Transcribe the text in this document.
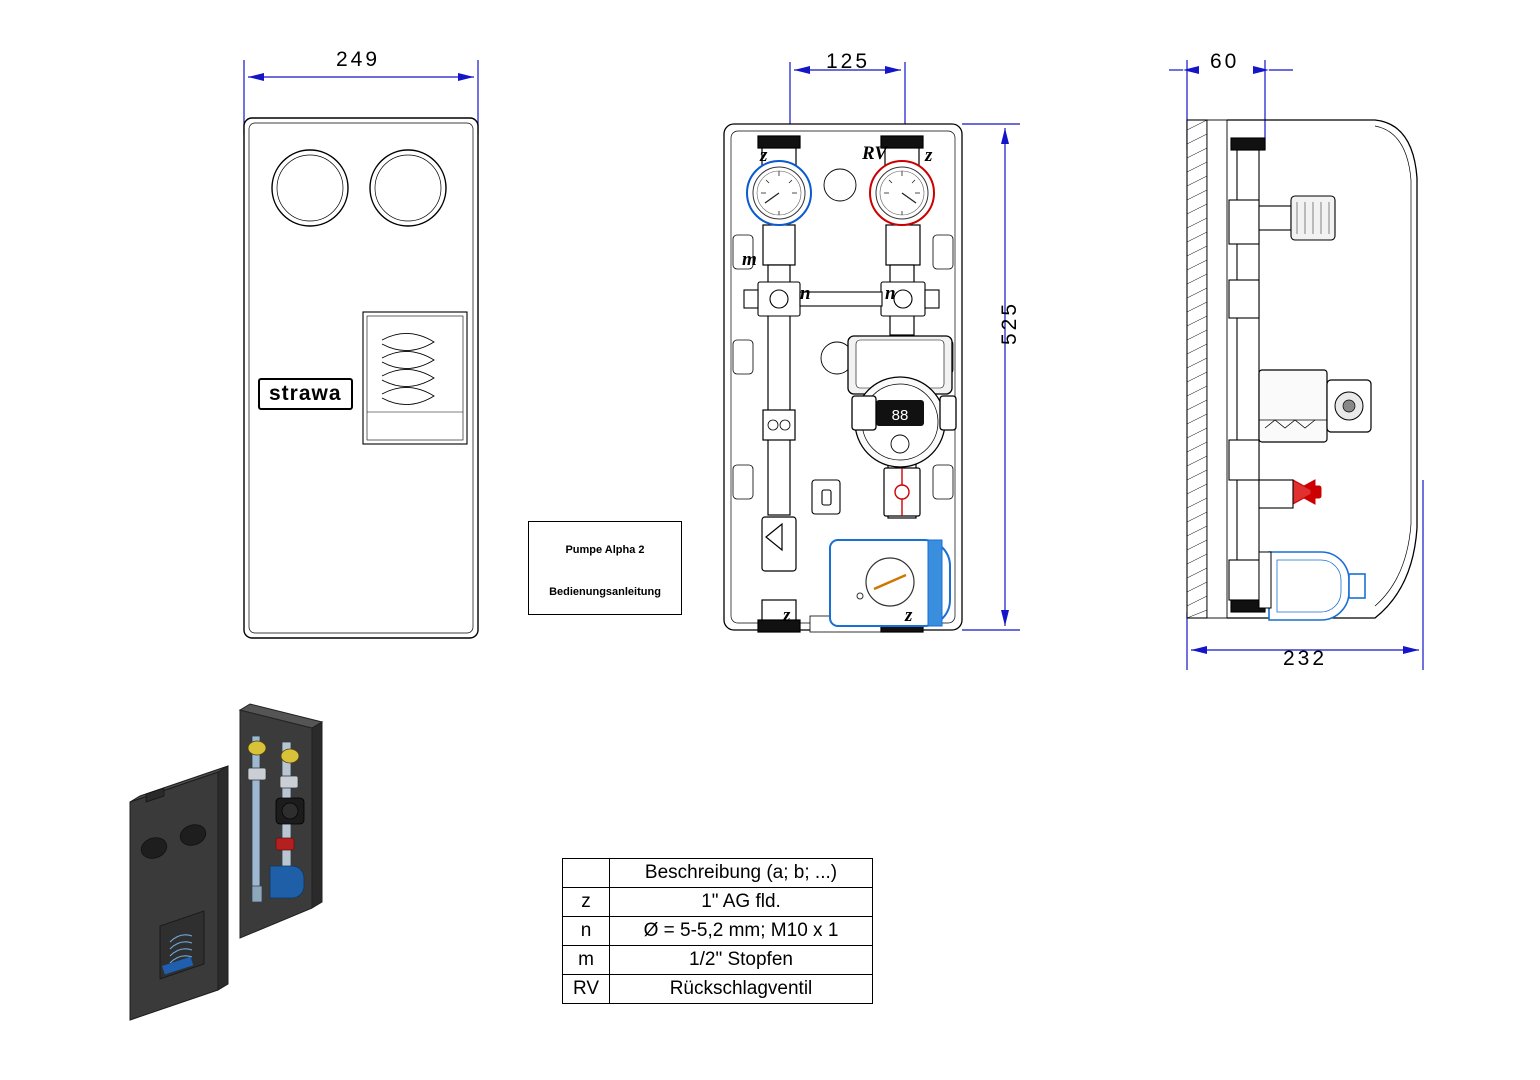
249
strawa
88
125
525
RV
z	z
m
n	n
z	z
60
232
Pumpe Alpha 2
Bedienungsanleitung
	Beschreibung (a; b; ...)
z	1" AG fld.
n	Ø = 5-5,2 mm; M10 x 1
m	1/2" Stopfen
RV	Rückschlagventil
